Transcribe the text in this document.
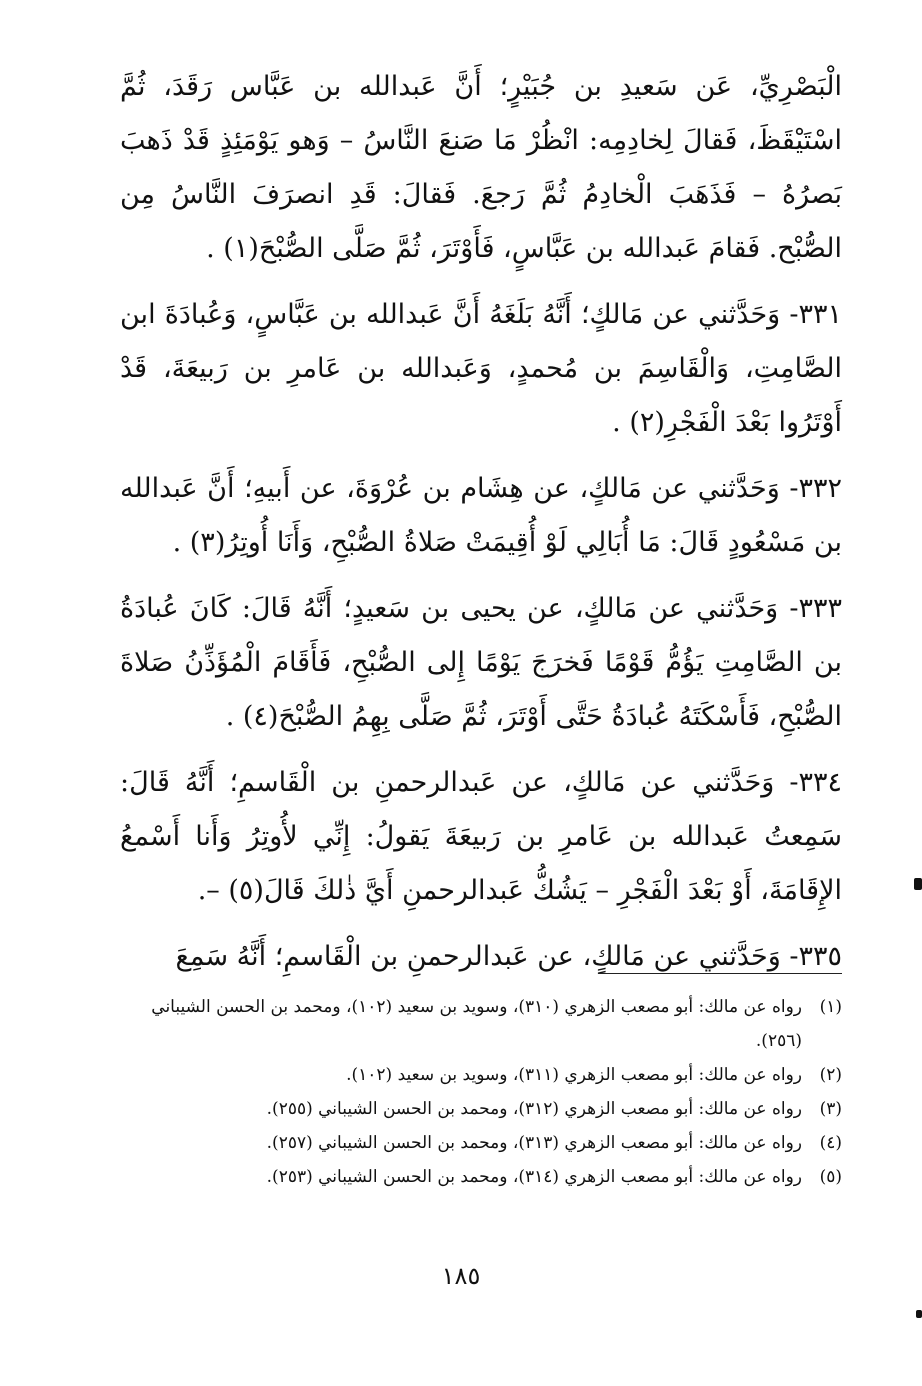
الْبَصْرِيِّ، عَن سَعيدِ بن جُبَيْرٍ؛ أَنَّ عَبدالله بن عَبَّاس رَقَدَ، ثُمَّ اسْتَيْقَظَ، فَقالَ لِخادِمِه: انْظُرْ مَا صَنعَ النَّاسُ – وَهو يَوْمَئِذٍ قَدْ ذَهبَ بَصرُهُ – فَذَهَبَ الْخادِمُ ثُمَّ رَجعَ. فَقالَ: قَدِ انصرَفَ النَّاسُ مِن الصُّبْح. فَقامَ عَبدالله بن عَبَّاسٍ، فَأَوْتَرَ، ثُمَّ صَلَّى الصُّبْحَ(١) .

٣٣١- وَحَدَّثني عن مَالكٍ؛ أَنَّهُ بَلَغَهُ أَنَّ عَبدالله بن عَبَّاسٍ، وَعُبادَةَ ابن الصَّامِتِ، وَالْقَاسِمَ بن مُحمدٍ، وَعَبدالله بن عَامرِ بن رَبيعَةَ، قَدْ أَوْتَرُوا بَعْدَ الْفَجْرِ(٢) .

٣٣٢- وَحَدَّثني عن مَالكٍ، عن هِشَام بن عُرْوَةَ، عن أَبيهِ؛ أَنَّ عَبدالله بن مَسْعُودٍ قَالَ: مَا أُبَالِي لَوْ أُقِيمَتْ صَلاةُ الصُّبْحِ، وَأَنَا أُوتِرُ(٣) .

٣٣٣- وَحَدَّثني عن مَالكٍ، عن يحيى بن سَعيدٍ؛ أَنَّهُ قَالَ: كَانَ عُبادَةُ بن الصَّامِتِ يَؤُمُّ قَوْمًا فَخرَجَ يَوْمًا إِلى الصُّبْحِ، فَأَقَامَ الْمُؤَذِّنُ صَلاةَ الصُّبْحِ، فَأَسْكَتَهُ عُبادَةُ حَتَّى أَوْتَرَ، ثُمَّ صَلَّى بِهِمُ الصُّبْحَ(٤) .

٣٣٤- وَحَدَّثني عن مَالكٍ، عن عَبدالرحمنِ بن الْقَاسمِ؛ أَنَّهُ قَالَ: سَمِعتُ عَبدالله بن عَامرِ بن رَبيعَةَ يَقولُ: إِنِّي لأُوتِرُ وَأَنا أَسْمعُ الإِقَامَةَ، أَوْ بَعْدَ الْفَجْرِ – يَشُكُّ عَبدالرحمنِ أَيَّ ذٰلكَ قَالَ(٥) –.

٣٣٥- وَحَدَّثني عن مَالكٍ، عن عَبدالرحمنِ بن الْقَاسمِ؛ أَنَّهُ سَمِعَ

(١)
رواه عن مالك: أبو مصعب الزهري (٣١٠)، وسويد بن سعيد (١٠٢)، ومحمد بن الحسن الشيباني (٢٥٦).
(٢)
رواه عن مالك: أبو مصعب الزهري (٣١١)، وسويد بن سعيد (١٠٢).
(٣)
رواه عن مالك: أبو مصعب الزهري (٣١٢)، ومحمد بن الحسن الشيباني (٢٥٥).
(٤)
رواه عن مالك: أبو مصعب الزهري (٣١٣)، ومحمد بن الحسن الشيباني (٢٥٧).
(٥)
رواه عن مالك: أبو مصعب الزهري (٣١٤)، ومحمد بن الحسن الشيباني (٢٥٣).
١٨٥
